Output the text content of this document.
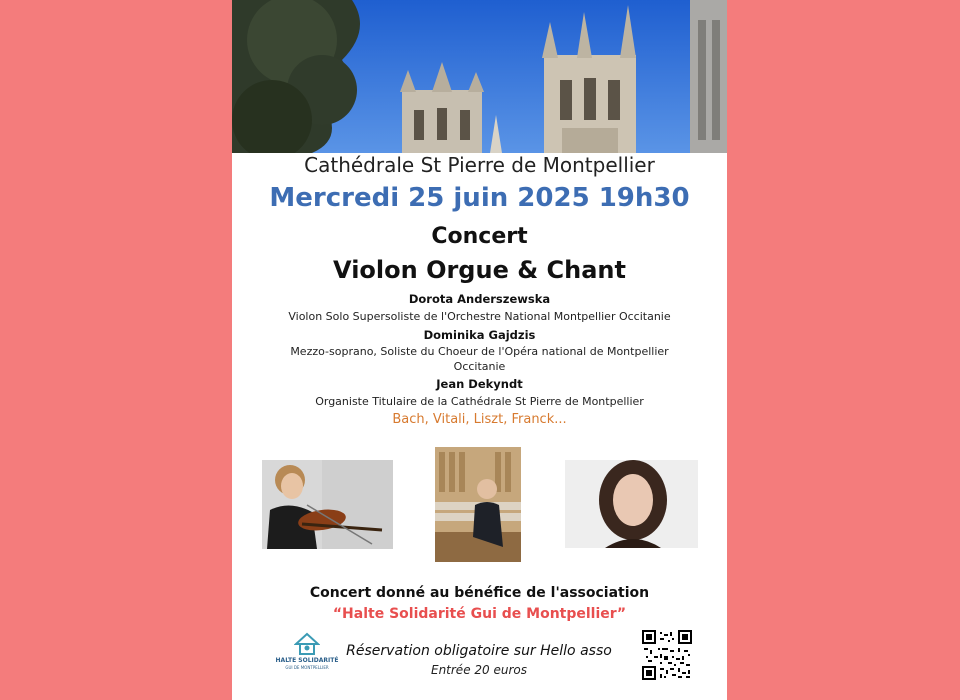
Cathédrale St Pierre de Montpellier
Mercredi 25 juin 2025 19h30
Concert
Violon Orgue & Chant
Dorota Anderszewska
Violon Solo Supersoliste de l'Orchestre National Montpellier Occitanie
Dominika Gajdzis
Mezzo-soprano, Soliste du Choeur de l'Opéra national de Montpellier
Occitanie
Jean Dekyndt
Organiste Titulaire de la Cathédrale St Pierre de Montpellier
Bach, Vitali, Liszt, Franck...
Concert donné au bénéfice de l'association
“Halte Solidarité Gui de Montpellier”
HALTE SOLIDARITÉ
GUI DE MONTPELLIER
Réservation obligatoire sur Hello asso
Entrée 20 euros
